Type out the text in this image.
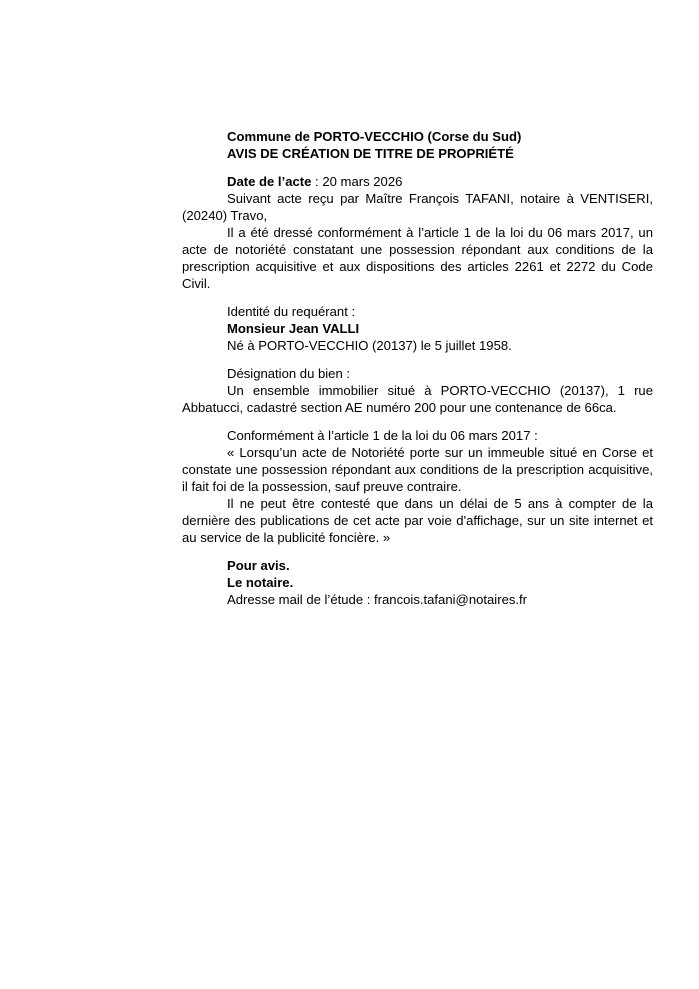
Commune de PORTO-VECCHIO (Corse du Sud)

AVIS DE CRÉATION DE TITRE DE PROPRIÉTÉ

Date de l’acte : 20 mars 2026

Suivant acte reçu par Maître François TAFANI, notaire à VENTISERI, (20240) Travo,

Il a été dressé conformément à l’article 1 de la loi du 06 mars 2017, un acte de notoriété constatant une possession répondant aux conditions de la prescription acquisitive et aux dispositions des articles 2261 et 2272 du Code Civil.

Identité du requérant :

Monsieur Jean VALLI

Né à PORTO-VECCHIO (20137) le 5 juillet 1958.

Désignation du bien :

Un ensemble immobilier situé à PORTO-VECCHIO (20137), 1 rue Abbatucci, cadastré section AE numéro 200 pour une contenance de 66ca.

Conformément à l’article 1 de la loi du 06 mars 2017 :

« Lorsqu’un acte de Notoriété porte sur un immeuble situé en Corse et constate une possession répondant aux conditions de la prescription acquisitive, il fait foi de la possession, sauf preuve contraire.

Il ne peut être contesté que dans un délai de 5 ans à compter de la dernière des publications de cet acte par voie d'affichage, sur un site internet et au service de la publicité foncière. »

Pour avis.

Le notaire.

Adresse mail de l’étude : francois.tafani@notaires.fr
